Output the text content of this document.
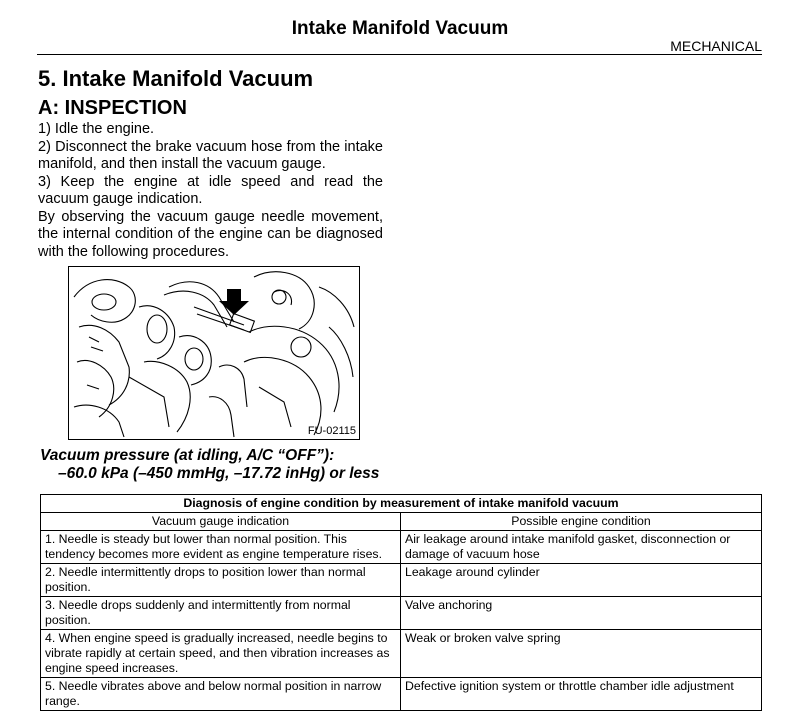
Intake Manifold Vacuum
MECHANICAL
5. Intake Manifold Vacuum
A: INSPECTION

1) Idle the engine.

2) Disconnect the brake vacuum hose from the intake manifold, and then install the vacuum gauge.

3) Keep the engine at idle speed and read the vacuum gauge indication.

By observing the vacuum gauge needle movement, the internal condition of the engine can be diagnosed with the following procedures.

FU-02115
Vacuum pressure (at idling, A/C “OFF”):
–60.0 kPa (–450 mmHg, –17.72 inHg) or less
Diagnosis of engine condition by measurement of intake manifold vacuum	
Vacuum gauge indication	Possible engine condition
1. Needle is steady but lower than normal position. This tendency becomes more evident as engine temperature rises.	Air leakage around intake manifold gasket, disconnection or damage of vacuum hose
2. Needle intermittently drops to position lower than normal position.	Leakage around cylinder
3. Needle drops suddenly and intermittently from normal position.	Valve anchoring
4. When engine speed is gradually increased, needle begins to vibrate rapidly at certain speed, and then vibration increases as engine speed increases.	Weak or broken valve spring
5. Needle vibrates above and below normal position in narrow range.	Defective ignition system or throttle chamber idle adjustment
